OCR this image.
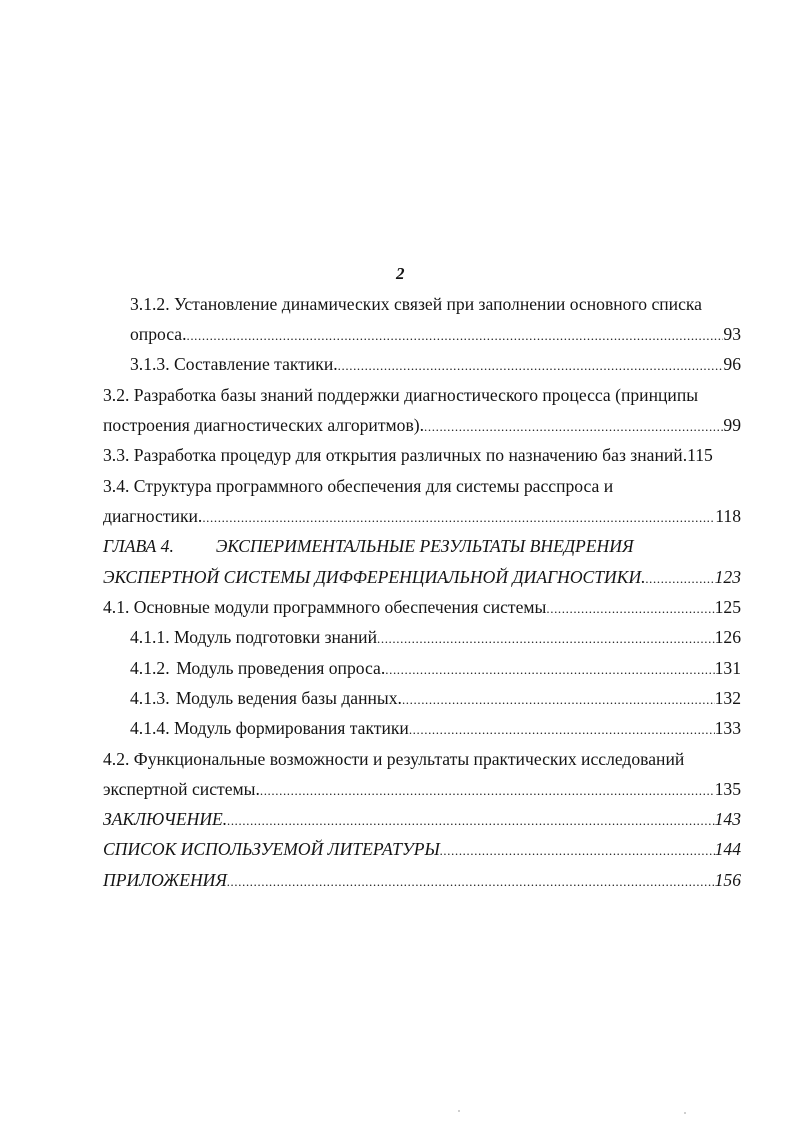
2
3.1.2. Установление динамических связей при заполнении основного списка
опроса. .....	93
3.1.3. Составление тактики. .....	96
3.2. Разработка базы знаний поддержки диагностического процесса (принципы
построения диагностических алгоритмов). .....	99
3.3. Разработка процедур для открытия различных по назначению баз знаний.115
3.4. Структура программного обеспечения для системы расспроса и
диагностики. .....	118
ГЛАВА 4. ЭКСПЕРИМЕНТАЛЬНЫЕ РЕЗУЛЬТАТЫ ВНЕДРЕНИЯ
ЭКСПЕРТНОЙ СИСТЕМЫ ДИФФЕРЕНЦИАЛЬНОЙ ДИАГНОСТИКИ. .....	123
4.1. Основные модули программного обеспечения системы .....	125
4.1.1. Модуль подготовки знаний .....	126
4.1.2. Модуль проведения опроса. .....	131
4.1.3. Модуль ведения базы данных. .....	132
4.1.4. Модуль формирования тактики .....	133
4.2. Функциональные возможности и результаты практических исследований
экспертной системы. .....	135
ЗАКЛЮЧЕНИЕ. .....	143
СПИСОК ИСПОЛЬЗУЕМОЙ ЛИТЕРАТУРЫ .....	144
ПРИЛОЖЕНИЯ .....	156
